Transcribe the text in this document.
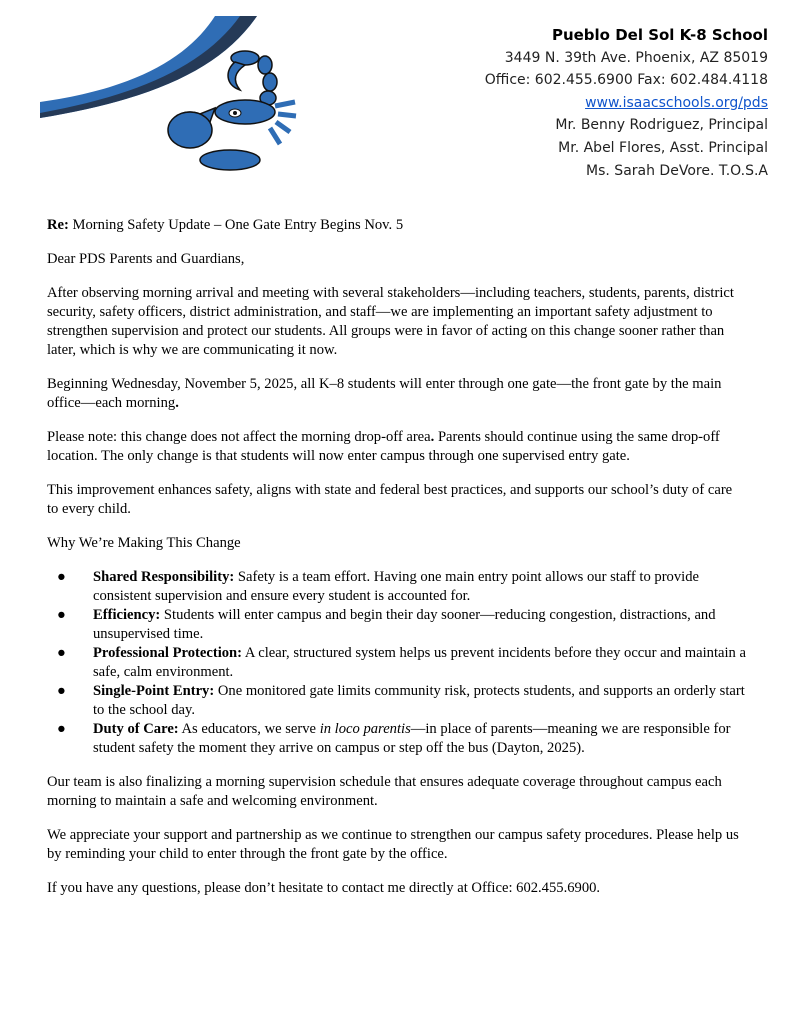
Pueblo Del Sol K-8 School
3449 N. 39th Ave. Phoenix, AZ 85019
Office: 602.455.6900 Fax: 602.484.4118
www.isaacschools.org/pds
Mr. Benny Rodriguez, Principal
Mr. Abel Flores, Asst. Principal
Ms. Sarah DeVore. T.O.S.A

Re: Morning Safety Update – One Gate Entry Begins Nov. 5

Dear PDS Parents and Guardians,

After observing morning arrival and meeting with several stakeholders—including teachers, students, parents, district security, safety officers, district administration, and staff—we are implementing an important safety adjustment to strengthen supervision and protect our students. All groups were in favor of acting on this change sooner rather than later, which is why we are communicating it now.

Beginning Wednesday, November 5, 2025, all K–8 students will enter through one gate—the front gate by the main office—each morning.

Please note: this change does not affect the morning drop-off area. Parents should continue using the same drop-off location. The only change is that students will now enter campus through one supervised entry gate.

This improvement enhances safety, aligns with state and federal best practices, and supports our school’s duty of care to every child.

Why We’re Making This Change

● Shared Responsibility: Safety is a team effort. Having one main entry point allows our staff to provide consistent supervision and ensure every student is accounted for.
● Efficiency: Students will enter campus and begin their day sooner—reducing congestion, distractions, and unsupervised time.
● Professional Protection: A clear, structured system helps us prevent incidents before they occur and maintain a safe, calm environment.
● Single-Point Entry: One monitored gate limits community risk, protects students, and supports an orderly start to the school day.
● Duty of Care: As educators, we serve in loco parentis—in place of parents—meaning we are responsible for student safety the moment they arrive on campus or step off the bus (Dayton, 2025).

Our team is also finalizing a morning supervision schedule that ensures adequate coverage throughout campus each morning to maintain a safe and welcoming environment.

We appreciate your support and partnership as we continue to strengthen our campus safety procedures. Please help us by reminding your child to enter through the front gate by the office.

If you have any questions, please don’t hesitate to contact me directly at Office: 602.455.6900.
